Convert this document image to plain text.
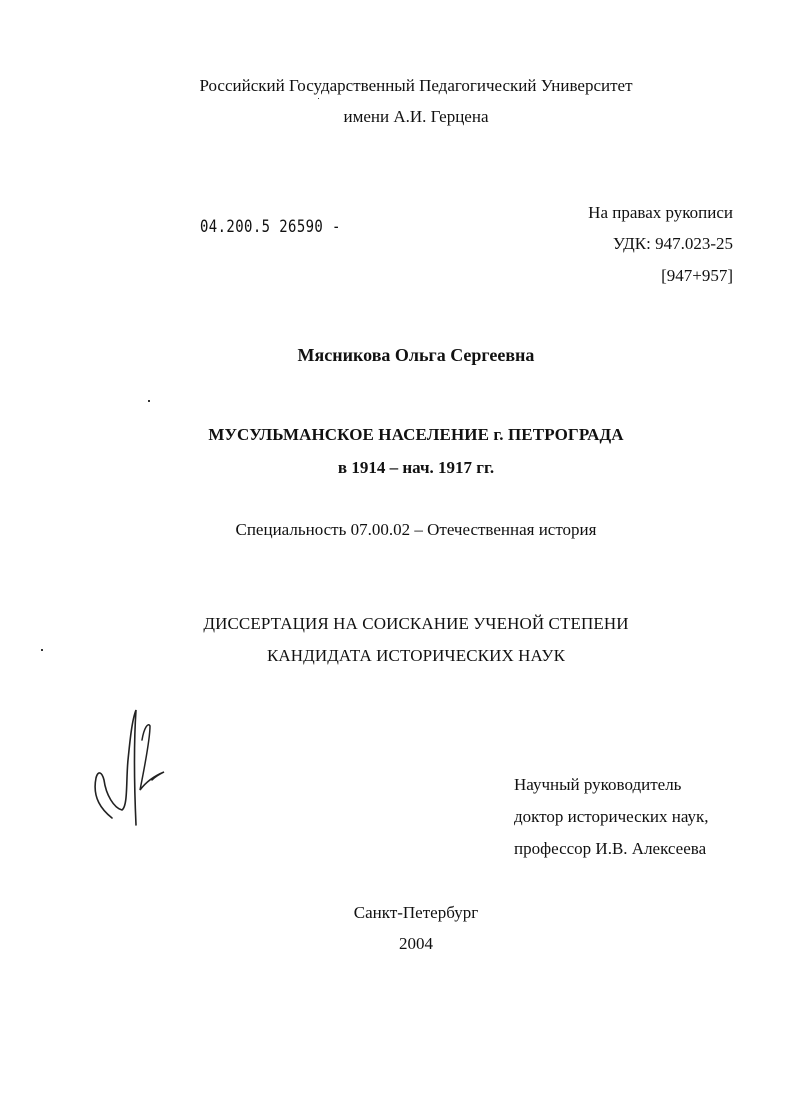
Российский Государственный Педагогический Университет
имени А.И. Герцена
04.200.5 26590 -
На правах рукописи
УДК: 947.023-25
[947+957]
Мясникова Ольга Сергеевна
МУСУЛЬМАНСКОЕ НАСЕЛЕНИЕ г. ПЕТРОГРАДА
в 1914 – нач. 1917 гг.
Специальность 07.00.02 – Отечественная история
ДИССЕРТАЦИЯ НА СОИСКАНИЕ УЧЕНОЙ СТЕПЕНИ
КАНДИДАТА ИСТОРИЧЕСКИХ НАУК
Научный руководитель
доктор исторических наук,
профессор И.В. Алексеева
Санкт-Петербург
2004
